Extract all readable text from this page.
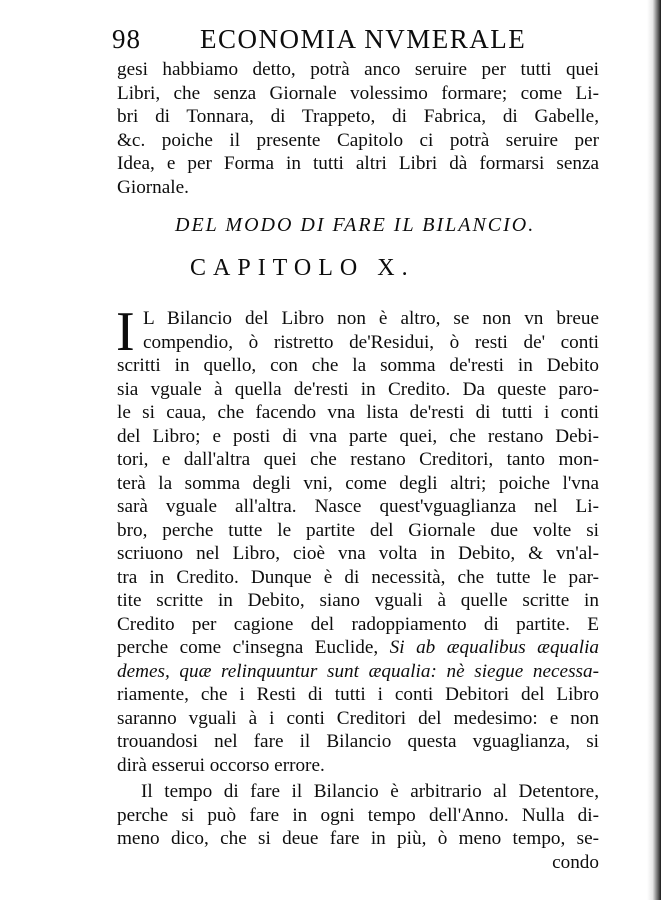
98 ECONOMIA NVMERALE
gesi habbiamo detto, potrà anco seruire per tutti quei
Libri, che senza Giornale volessimo formare; come Li-
bri di Tonnara, di Trappeto, di Fabrica, di Gabelle,
&c. poiche il presente Capitolo ci potrà seruire per
Idea, e per Forma in tutti altri Libri dà formarsi senza
Giornale.
DEL MODO DI FARE IL BILANCIO.
CAPITOLO X.
I L Bilancio del Libro non è altro, se non vn breue
compendio, ò ristretto de'Residui, ò resti de' conti
scritti in quello, con che la somma de'resti in Debito
sia vguale à quella de'resti in Credito. Da queste paro-
le si caua, che facendo vna lista de'resti di tutti i conti
del Libro; e posti di vna parte quei, che restano Debi-
tori, e dall'altra quei che restano Creditori, tanto mon-
terà la somma degli vni, come degli altri; poiche l'vna
sarà vguale all'altra. Nasce quest'vguaglianza nel Li-
bro, perche tutte le partite del Giornale due volte si
scriuono nel Libro, cioè vna volta in Debito, & vn'al-
tra in Credito. Dunque è di necessità, che tutte le par-
tite scritte in Debito, siano vguali à quelle scritte in
Credito per cagione del radoppiamento di partite. E
perche come c'insegna Euclide, Si ab æqualibus æqualia
demes, quæ relinquuntur sunt æqualia: nè siegue necessa-
riamente, che i Resti di tutti i conti Debitori del Libro
saranno vguali à i conti Creditori del medesimo: e non
trouandosi nel fare il Bilancio questa vguaglianza, si
dirà esserui occorso errore.
Il tempo di fare il Bilancio è arbitrario al Detentore,
perche si può fare in ogni tempo dell'Anno. Nulla di-
meno dico, che si deue fare in più, ò meno tempo, se-
condo
